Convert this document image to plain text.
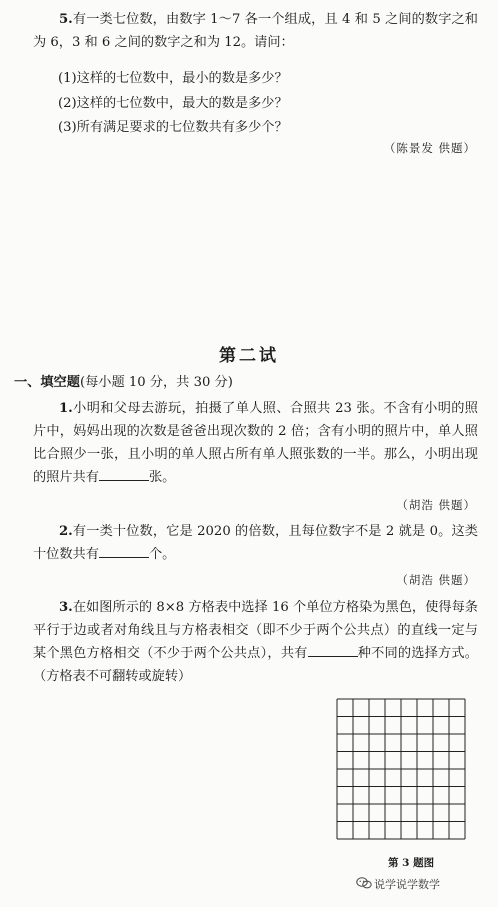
5.有一类七位数，由数字 1～7 各一个组成，且 4 和 5 之间的数字之和为 6，3 和 6 之间的数字之和为 12。请问：
(1)这样的七位数中，最小的数是多少？
(2)这样的七位数中，最大的数是多少？
(3)所有满足要求的七位数共有多少个？
（陈景发 供题）
第二试
一、填空题(每小题 10 分，共 30 分)
1.小明和父母去游玩，拍摄了单人照、合照共 23 张。不含有小明的照片中，妈妈出现的次数是爸爸出现次数的 2 倍；含有小明的照片中，单人照比合照少一张，且小明的单人照占所有单人照张数的一半。那么，小明出现的照片共有	张。
（胡浩 供题）
2.有一类十位数，它是 2020 的倍数，且每位数字不是 2 就是 0。这类十位数共有	个。
（胡浩 供题）
3.在如图所示的 8×8 方格表中选择 16 个单位方格染为黑色，使得每条平行于边或者对角线且与方格表相交（即不少于两个公共点）的直线一定与某个黑色方格相交（不少于两个公共点），共有	种不同的选择方式。（方格表不可翻转或旋转）
第 3 题图
说学说学数学
